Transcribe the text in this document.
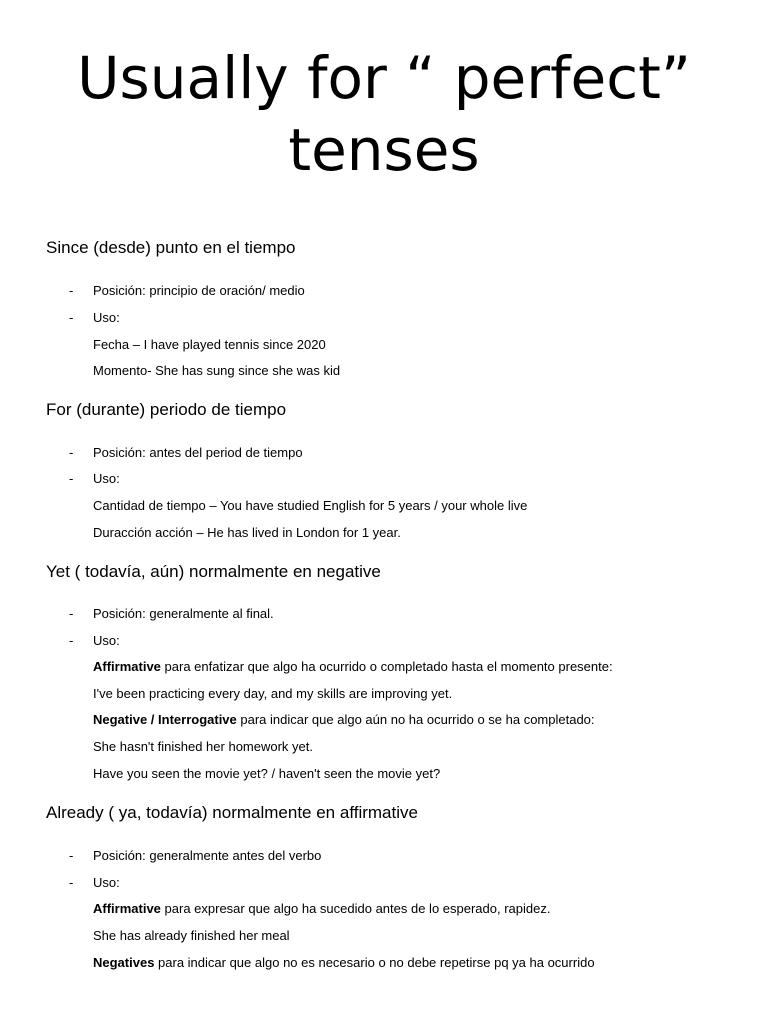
Usually for “ perfect”
tenses
Since (desde) punto en el tiempo
- Posición: principio de oración/ medio
- Uso:
Fecha – I have played tennis since 2020
Momento- She has sung since she was kid
For (durante) periodo de tiempo
- Posición: antes del period de tiempo
- Uso:
Cantidad de tiempo – You have studied English for 5 years / your whole live
Duracción acción – He has lived in London for 1 year.
Yet ( todavía, aún) normalmente en negative
- Posición: generalmente al final.
- Uso:
Affirmative para enfatizar que algo ha ocurrido o completado hasta el momento presente:
I've been practicing every day, and my skills are improving yet.
Negative / Interrogative para indicar que algo aún no ha ocurrido o se ha completado:
She hasn't finished her homework yet.
Have you seen the movie yet? / haven't seen the movie yet?
Already ( ya, todavía) normalmente en affirmative
- Posición: generalmente antes del verbo
- Uso:
Affirmative para expresar que algo ha sucedido antes de lo esperado, rapidez.
She has already finished her meal
Negatives para indicar que algo no es necesario o no debe repetirse pq ya ha ocurrido
